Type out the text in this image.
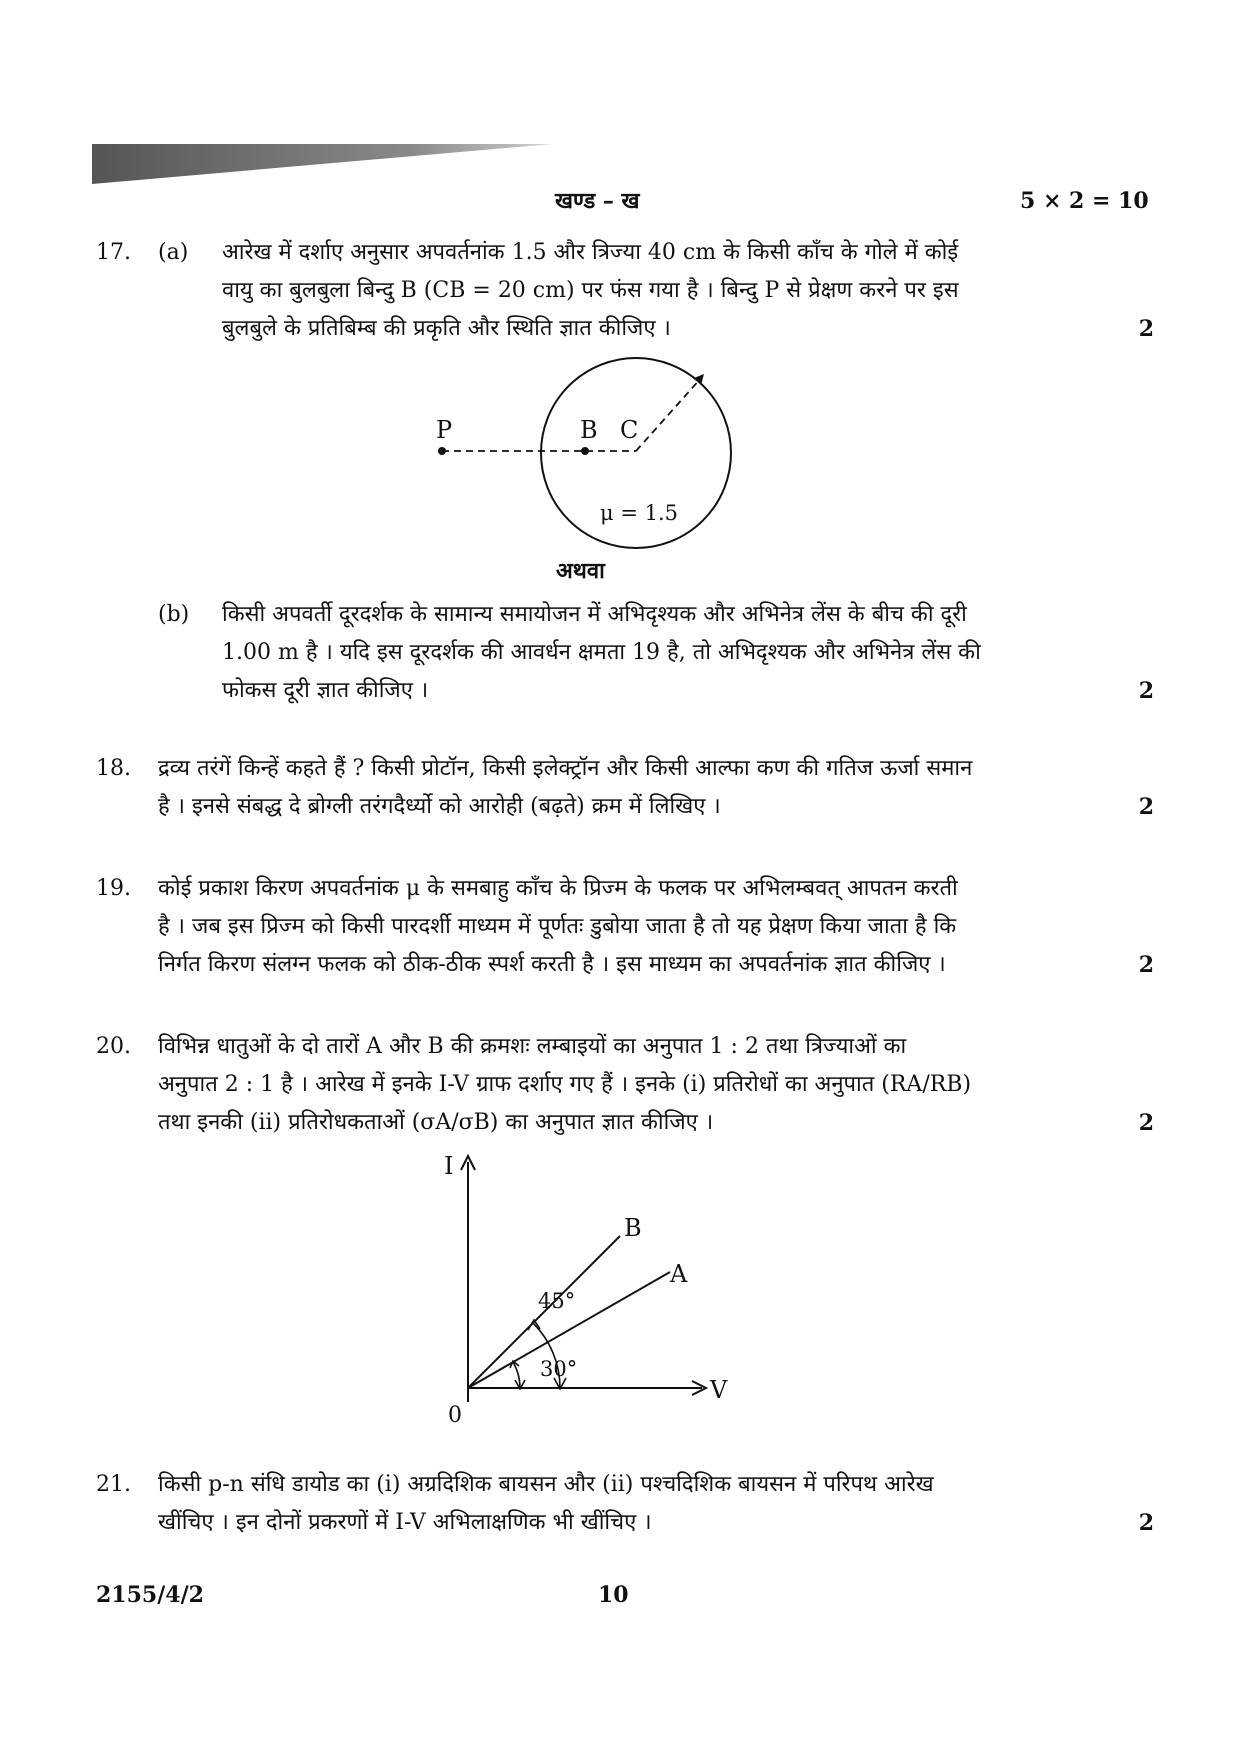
खण्ड – ख	5 × 2 = 10
17. (a) आरेख में दर्शाए अनुसार अपवर्तनांक 1.5 और त्रिज्या 40 cm के किसी काँच के गोले में कोई
वायु का बुलबुला बिन्दु B (CB = 20 cm) पर फंस गया है । बिन्दु P से प्रेक्षण करने पर इस
बुलबुले के प्रतिबिम्ब की प्रकृति और स्थिति ज्ञात कीजिए ।	2
P	B C
μ = 1.5
अथवा
(b) किसी अपवर्ती दूरदर्शक के सामान्य समायोजन में अभिदृश्यक और अभिनेत्र लेंस के बीच की दूरी
1.00 m है । यदि इस दूरदर्शक की आवर्धन क्षमता 19 है, तो अभिदृश्यक और अभिनेत्र लेंस की
फोकस दूरी ज्ञात कीजिए ।	2
18. द्रव्य तरंगें किन्हें कहते हैं ? किसी प्रोटॉन, किसी इलेक्ट्रॉन और किसी आल्फा कण की गतिज ऊर्जा समान
है । इनसे संबद्ध दे ब्रोग्ली तरंगदैर्ध्यो को आरोही (बढ़ते) क्रम में लिखिए ।	2
19. कोई प्रकाश किरण अपवर्तनांक μ के समबाहु काँच के प्रिज्म के फलक पर अभिलम्बवत् आपतन करती
है । जब इस प्रिज्म को किसी पारदर्शी माध्यम में पूर्णतः डुबोया जाता है तो यह प्रेक्षण किया जाता है कि
निर्गत किरण संलग्न फलक को ठीक-ठीक स्पर्श करती है । इस माध्यम का अपवर्तनांक ज्ञात कीजिए ।	2
20. विभिन्न धातुओं के दो तारों A और B की क्रमशः लम्बाइयों का अनुपात 1 : 2 तथा त्रिज्याओं का
अनुपात 2 : 1 है । आरेख में इनके I-V ग्राफ दर्शाए गए हैं । इनके (i) प्रतिरोधों का अनुपात (RA/RB)
तथा इनकी (ii) प्रतिरोधकताओं (σA/σB) का अनुपात ज्ञात कीजिए ।	2
I
V
0
B
A
45°
30°
21. किसी p-n संधि डायोड का (i) अग्रदिशिक बायसन और (ii) पश्चदिशिक बायसन में परिपथ आरेख
खींचिए । इन दोनों प्रकरणों में I-V अभिलाक्षणिक भी खींचिए ।	2
2155/4/2	10
